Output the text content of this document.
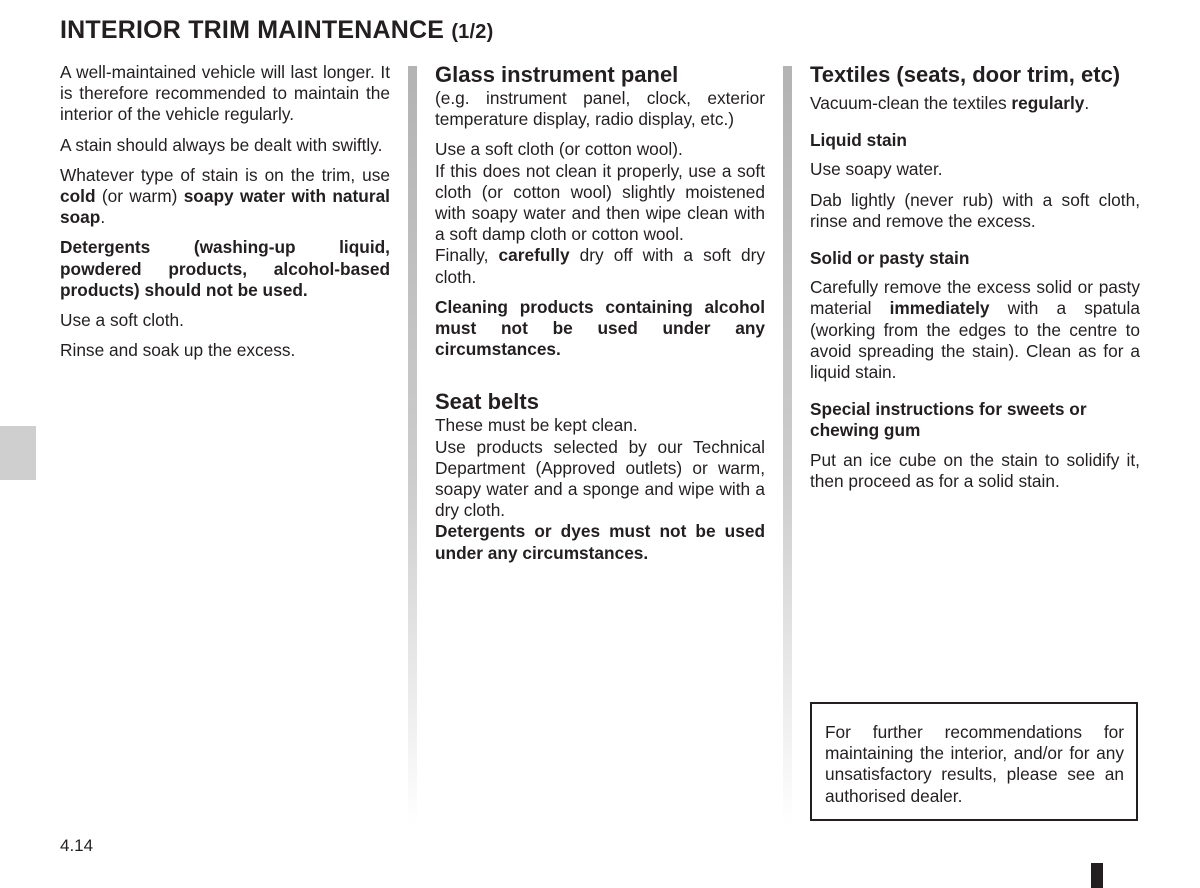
INTERIOR TRIM MAINTENANCE (1/2)

A well-maintained vehicle will last longer. It is therefore recommended to maintain the interior of the vehicle regularly.

A stain should always be dealt with swiftly.

Whatever type of stain is on the trim, use cold (or warm) soapy water with natural soap.

Detergents (washing-up liquid, powdered products, alcohol-based products) should not be used.

Use a soft cloth.

Rinse and soak up the excess.

Glass instrument panel

(e.g. instrument panel, clock, exterior temperature display, radio display, etc.)

Use a soft cloth (or cotton wool).

If this does not clean it properly, use a soft cloth (or cotton wool) slightly moistened with soapy water and then wipe clean with a soft damp cloth or cotton wool.

Finally, carefully dry off with a soft dry cloth.

Cleaning products containing alcohol must not be used under any circumstances.

Seat belts

These must be kept clean.

Use products selected by our Technical Department (Approved outlets) or warm, soapy water and a sponge and wipe with a dry cloth.

Detergents or dyes must not be used under any circumstances.

Textiles (seats, door trim, etc)

Vacuum-clean the textiles regularly.

Liquid stain

Use soapy water.

Dab lightly (never rub) with a soft cloth, rinse and remove the excess.

Solid or pasty stain

Carefully remove the excess solid or pasty material immediately with a spatula (working from the edges to the centre to avoid spreading the stain). Clean as for a liquid stain.

Special instructions for sweets or chewing gum

Put an ice cube on the stain to solidify it, then proceed as for a solid stain.

For further recommendations for maintaining the interior, and/or for any unsatisfactory results, please see an authorised dealer.
4.14
